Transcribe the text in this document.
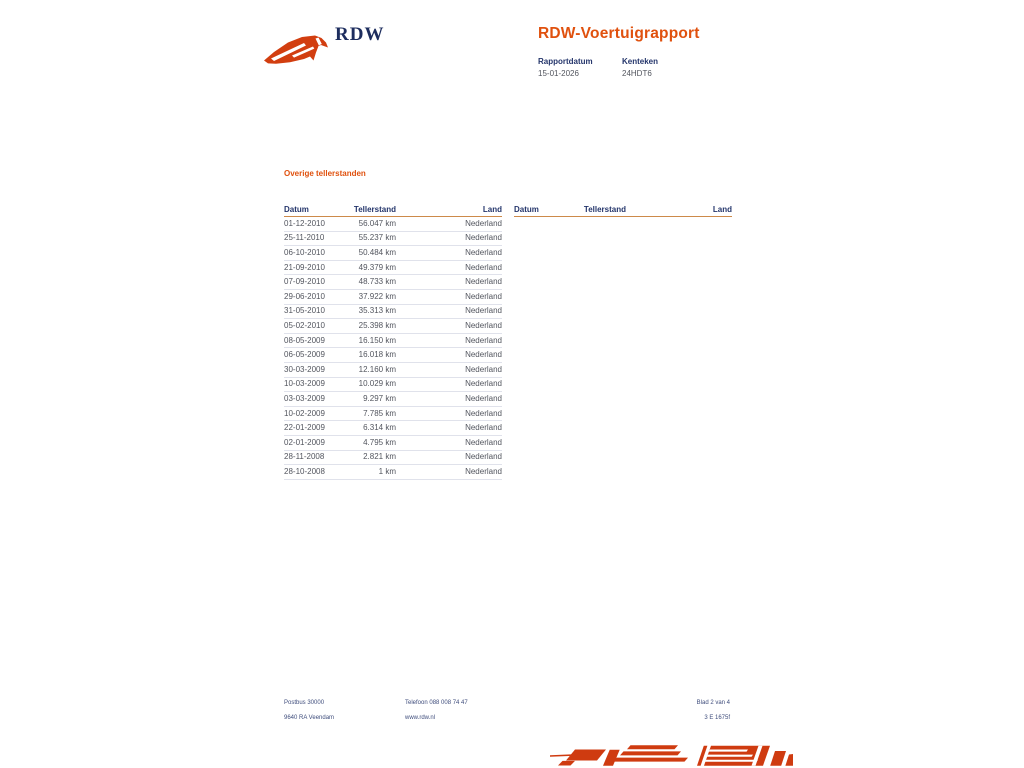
RDW	RDW-Voertuigrapport
Rapportdatum
15-01-2026
Kenteken
24HDT6
Overige tellerstanden
Datum	Tellerstand	Land
01-12-2010	56.047 km	Nederland
25-11-2010	55.237 km	Nederland
06-10-2010	50.484 km	Nederland
21-09-2010	49.379 km	Nederland
07-09-2010	48.733 km	Nederland
29-06-2010	37.922 km	Nederland
31-05-2010	35.313 km	Nederland
05-02-2010	25.398 km	Nederland
08-05-2009	16.150 km	Nederland
06-05-2009	16.018 km	Nederland
30-03-2009	12.160 km	Nederland
10-03-2009	10.029 km	Nederland
03-03-2009	9.297 km	Nederland
10-02-2009	7.785 km	Nederland
22-01-2009	6.314 km	Nederland
02-01-2009	4.795 km	Nederland
28-11-2008	2.821 km	Nederland
28-10-2008	1 km	Nederland
Datum	Tellerstand	Land
Postbus 30000
9640 RA Veendam
Telefoon 088 008 74 47
www.rdw.nl
Blad 2 van 4
3 E 1675f
